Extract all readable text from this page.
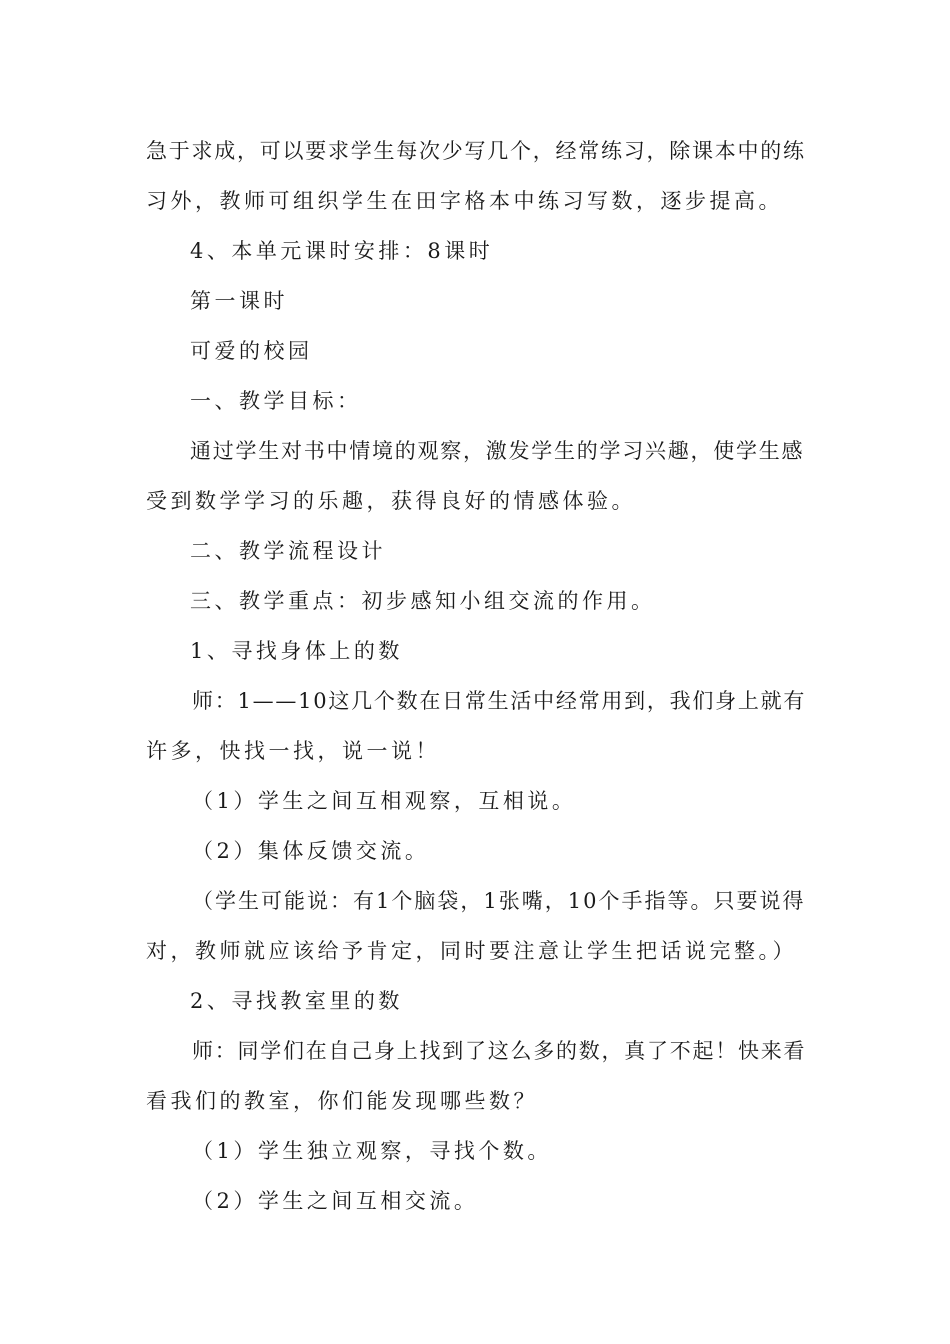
急于求成，可以要求学生每次少写几个，经常练习，除课本中的练
习外，教师可组织学生在田字格本中练习写数，逐步提高。
4、本单元课时安排：8课时
第一课时
可爱的校园
一、教学目标：
通过学生对书中情境的观察，激发学生的学习兴趣，使学生感
受到数学学习的乐趣，获得良好的情感体验。
二、教学流程设计
三、教学重点：初步感知小组交流的作用。
1、寻找身体上的数
师：1——10这几个数在日常生活中经常用到，我们身上就有
许多，快找一找，说一说！
（1）学生之间互相观察，互相说。
（2）集体反馈交流。
（学生可能说：有1个脑袋，1张嘴，10个手指等。只要说得
对，教师就应该给予肯定，同时要注意让学生把话说完整。）
2、寻找教室里的数
师：同学们在自己身上找到了这么多的数，真了不起！快来看
看我们的教室，你们能发现哪些数？
（1）学生独立观察，寻找个数。
（2）学生之间互相交流。
